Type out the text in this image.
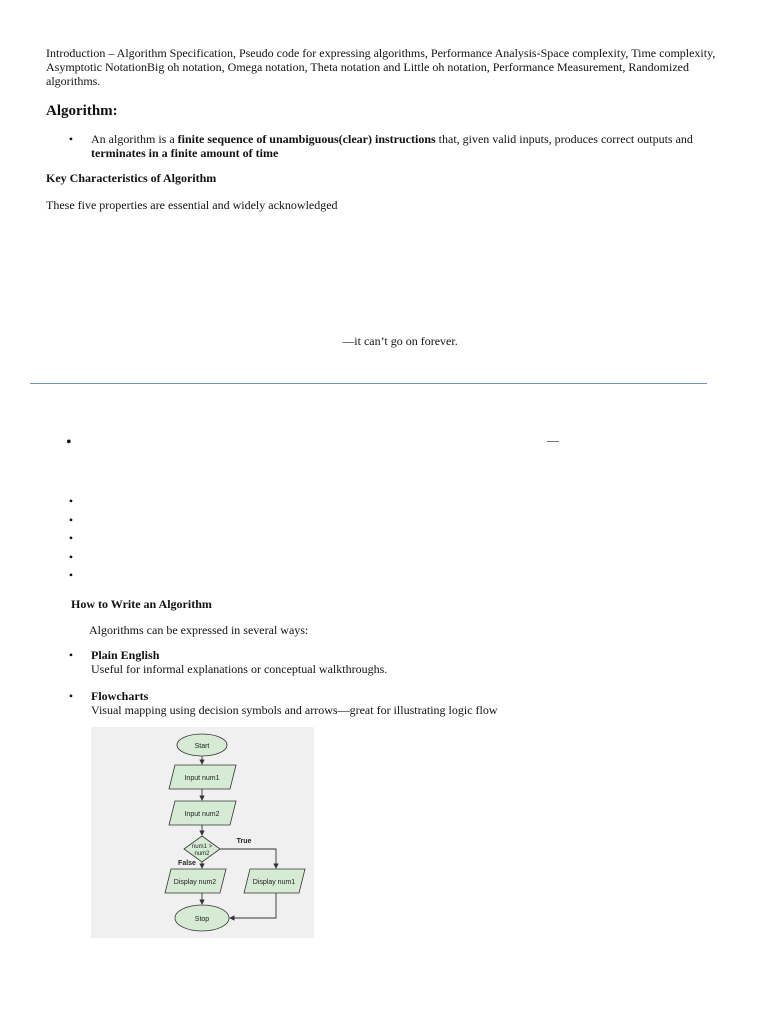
Introduction – Algorithm Specification, Pseudo code for expressing algorithms, Performance Analysis-Space complexity, Time complexity, Asymptotic NotationBig oh notation, Omega notation, Theta notation and Little oh notation, Performance Measurement, Randomized algorithms.
Algorithm:
•	An algorithm is a finite sequence of unambiguous(clear) instructions that, given valid inputs, produces correct outputs and terminates in a finite amount of time
Key Characteristics of Algorithm
These five properties are essential and widely acknowledged
—it can’t go on forever.
•	—
•
•
•
•
•
How to Write an Algorithm
Algorithms can be expressed in several ways:
•	Plain English
Useful for informal explanations or conceptual walkthroughs.
•	Flowcharts
Visual mapping using decision symbols and arrows—great for illustrating logic flow
Start
Input num1
Input num2
num1 >
num2
Display num2	Display num1
Stop
True
False
